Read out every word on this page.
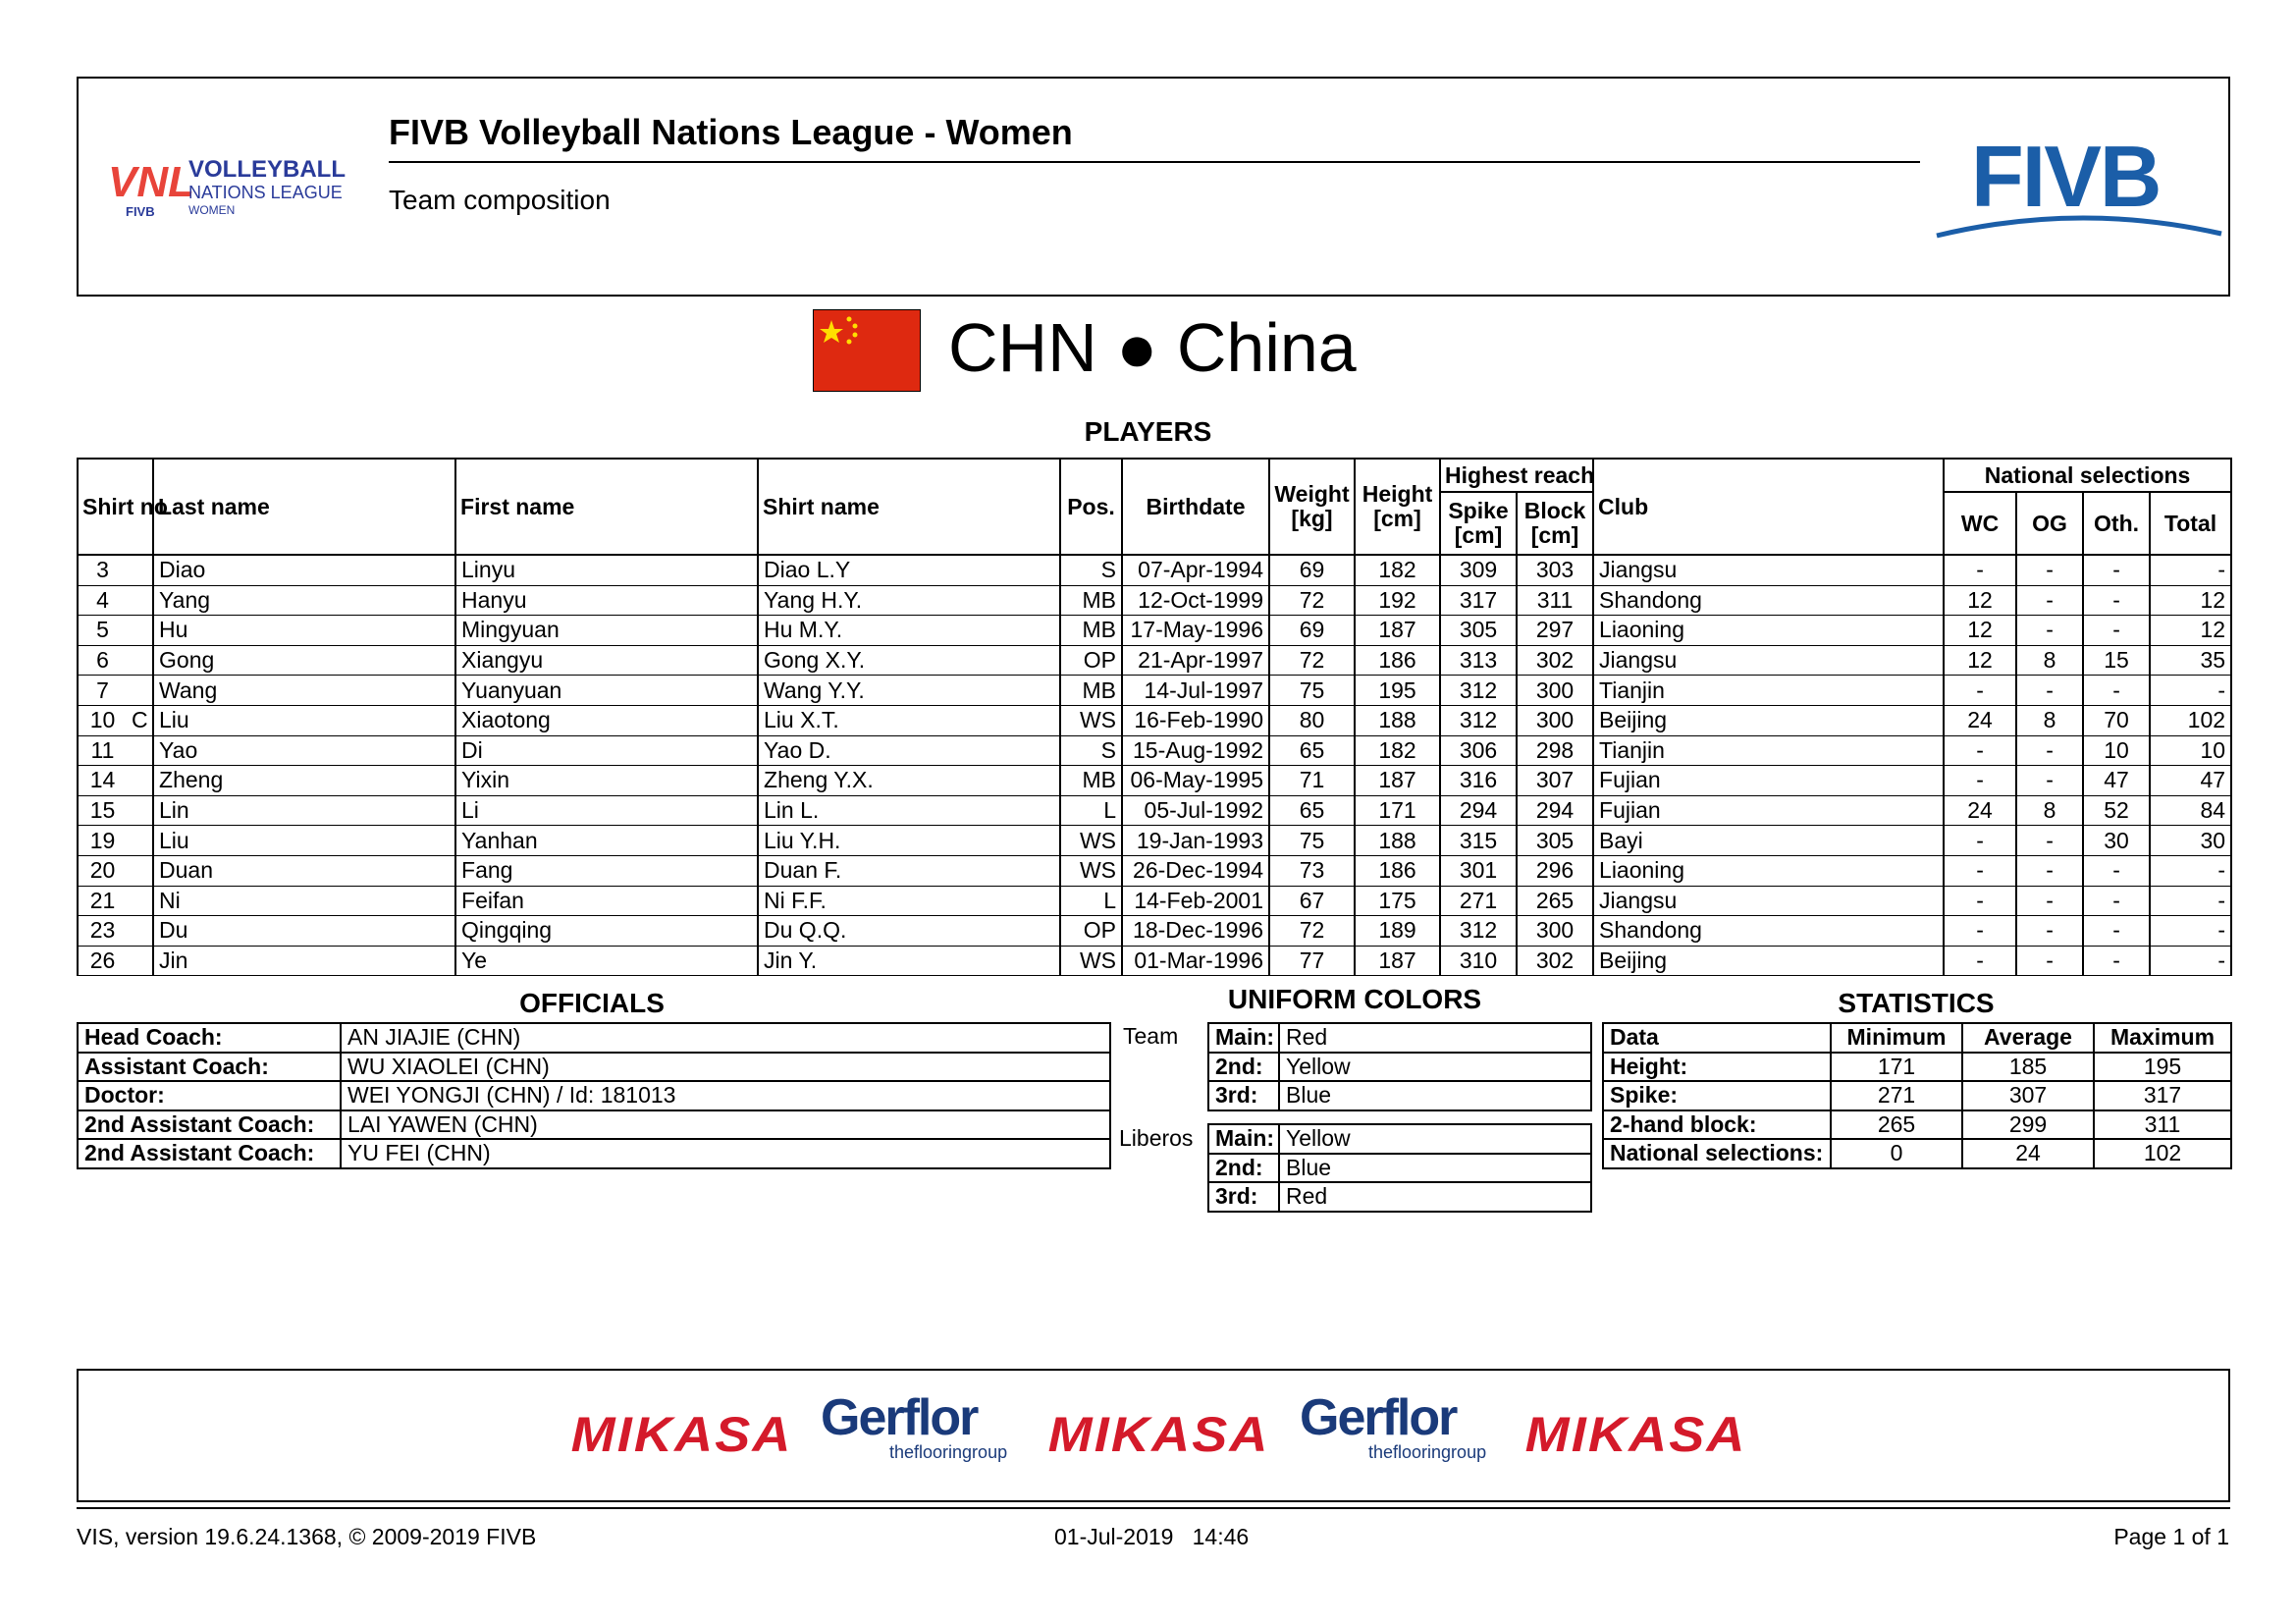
VNL
VOLLEYBALL
NATIONS LEAGUE
WOMEN
FIVB
FIVB Volleyball Nations League - Women
Team composition	FIVB
CHN ● China
PLAYERS
Shirt no		Last name	First name	Shirt name	Pos.	Birthdate	Weight [kg]	Height [cm]	Highest reach		Club	National selections			
									Spike [cm]	Block [cm]		WC	OG	Oth.	Total
3		Diao	Linyu	Diao L.Y	S	07-Apr-1994	69	182	309	303	Jiangsu	-	-	-	-
4		Yang	Hanyu	Yang H.Y.	MB	12-Oct-1999	72	192	317	311	Shandong	12	-	-	12
5		Hu	Mingyuan	Hu M.Y.	MB	17-May-1996	69	187	305	297	Liaoning	12	-	-	12
6		Gong	Xiangyu	Gong X.Y.	OP	21-Apr-1997	72	186	313	302	Jiangsu	12	8	15	35
7		Wang	Yuanyuan	Wang Y.Y.	MB	14-Jul-1997	75	195	312	300	Tianjin	-	-	-	-
10	C	Liu	Xiaotong	Liu X.T.	WS	16-Feb-1990	80	188	312	300	Beijing	24	8	70	102
11		Yao	Di	Yao D.	S	15-Aug-1992	65	182	306	298	Tianjin	-	-	10	10
14		Zheng	Yixin	Zheng Y.X.	MB	06-May-1995	71	187	316	307	Fujian	-	-	47	47
15		Lin	Li	Lin L.	L	05-Jul-1992	65	171	294	294	Fujian	24	8	52	84
19		Liu	Yanhan	Liu Y.H.	WS	19-Jan-1993	75	188	315	305	Bayi	-	-	30	30
20		Duan	Fang	Duan F.	WS	26-Dec-1994	73	186	301	296	Liaoning	-	-	-	-
21		Ni	Feifan	Ni F.F.	L	14-Feb-2001	67	175	271	265	Jiangsu	-	-	-	-
23		Du	Qingqing	Du Q.Q.	OP	18-Dec-1996	72	189	312	300	Shandong	-	-	-	-
26		Jin	Ye	Jin Y.	WS	01-Mar-1996	77	187	310	302	Beijing	-	-	-	-
OFFICIALS
Head Coach:	AN JIAJIE (CHN)
Assistant Coach:	WU XIAOLEI (CHN)
Doctor:	WEI YONGJI (CHN) / Id: 181013
2nd Assistant Coach:	LAI YAWEN (CHN)
2nd Assistant Coach:	YU FEI (CHN)
UNIFORM COLORS
Team
Liberos
Main:	Red
2nd:	Yellow
3rd:	Blue
Main:	Yellow
2nd:	Blue
3rd:	Red
STATISTICS
Data	Minimum	Average	Maximum
Height:	171	185	195
Spike:	271	307	317
2-hand block:	265	299	311
National selections:	0	24	102
MIKASA Gerflor
theflooringroup MIKASA Gerflor
theflooringroup MIKASA
VIS, version 19.6.24.1368, © 2009-2019 FIVB	01-Jul-2019   14:46	Page 1 of 1
